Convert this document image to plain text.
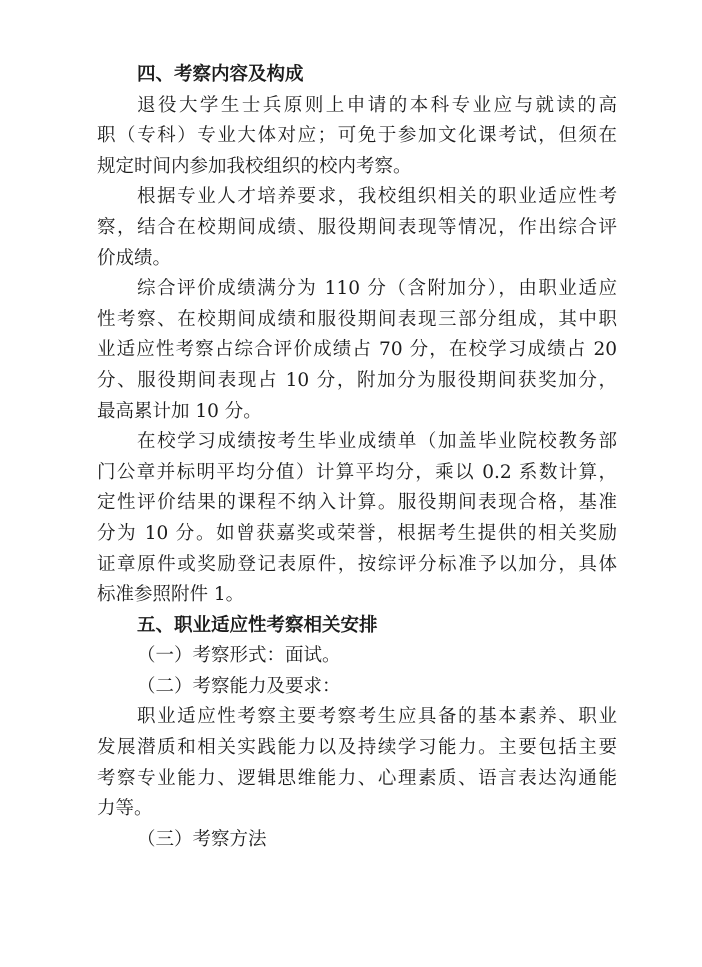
四、考察内容及构成
退役大学生士兵原则上申请的本科专业应与就读的高
职（专科）专业大体对应；可免于参加文化课考试，但须在
规定时间内参加我校组织的校内考察。
根据专业人才培养要求，我校组织相关的职业适应性考
察，结合在校期间成绩、服役期间表现等情况，作出综合评
价成绩。
综合评价成绩满分为 110 分（含附加分），由职业适应
性考察、在校期间成绩和服役期间表现三部分组成，其中职
业适应性考察占综合评价成绩占 70 分，在校学习成绩占 20
分、服役期间表现占 10 分，附加分为服役期间获奖加分，
最高累计加 10 分。
在校学习成绩按考生毕业成绩单（加盖毕业院校教务部
门公章并标明平均分值）计算平均分，乘以 0.2 系数计算，
定性评价结果的课程不纳入计算。服役期间表现合格，基准
分为 10 分。如曾获嘉奖或荣誉，根据考生提供的相关奖励
证章原件或奖励登记表原件，按综评分标准予以加分，具体
标准参照附件 1。
五、职业适应性考察相关安排
（一）考察形式：面试。
（二）考察能力及要求：
职业适应性考察主要考察考生应具备的基本素养、职业
发展潜质和相关实践能力以及持续学习能力。主要包括主要
考察专业能力、逻辑思维能力、心理素质、语言表达沟通能
力等。
（三）考察方法
